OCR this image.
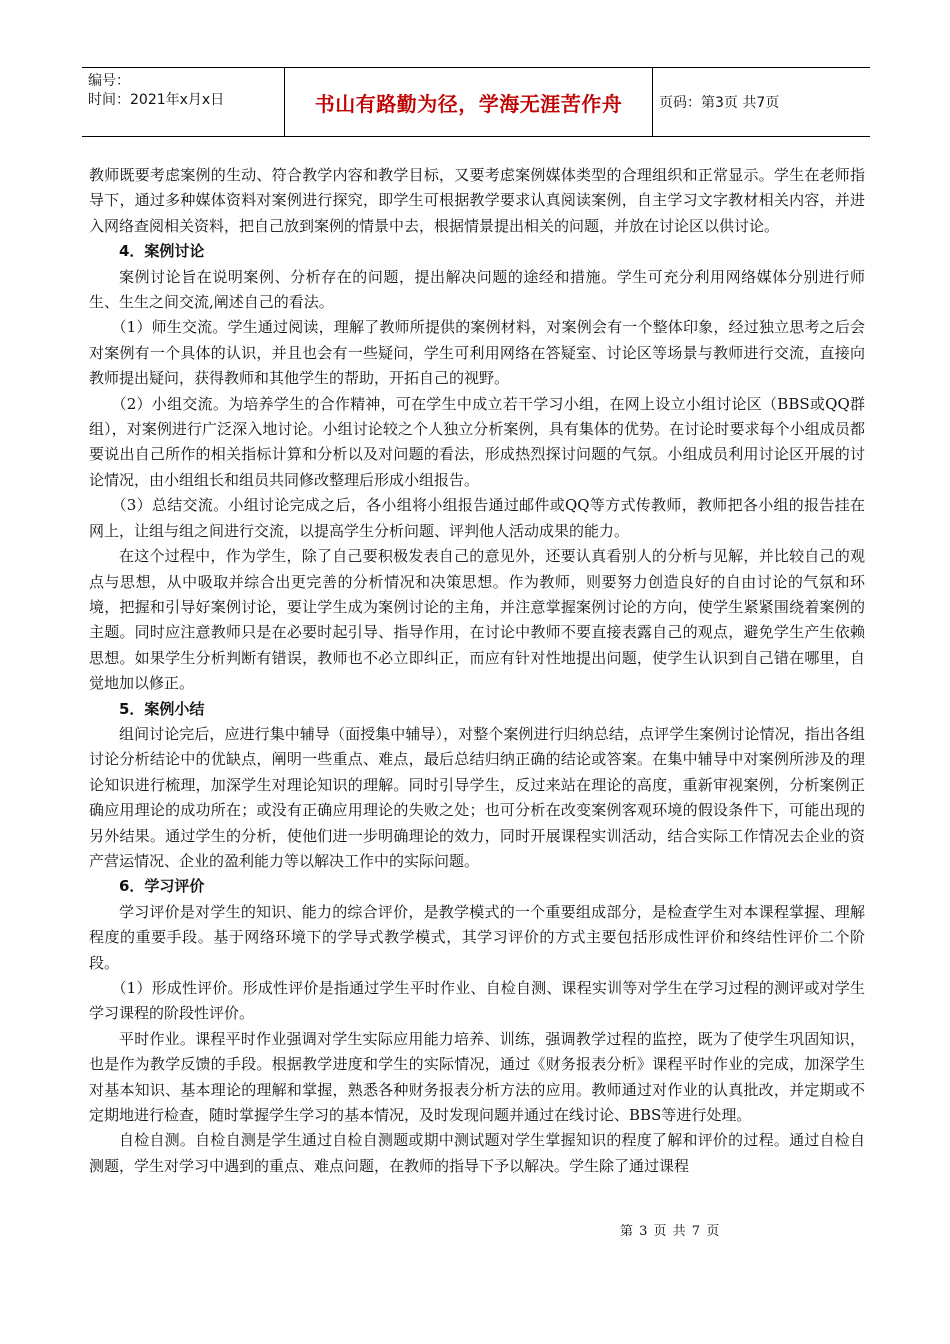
编号：
时间：2021年x月x日	书山有路勤为径，学海无涯苦作舟	页码：第3页 共7页

教师既要考虑案例的生动、符合教学内容和教学目标，又要考虑案例媒体类型的合理组织和正常显示。学生在老师指导下，通过多种媒体资料对案例进行探究，即学生可根据教学要求认真阅读案例，自主学习文字教材相关内容，并进入网络查阅相关资料，把自己放到案例的情景中去，根据情景提出相关的问题，并放在讨论区以供讨论。

4．案例讨论

案例讨论旨在说明案例、分析存在的问题，提出解决问题的途经和措施。学生可充分利用网络媒体分别进行师生、生生之间交流,阐述自己的看法。

（1）师生交流。学生通过阅读，理解了教师所提供的案例材料，对案例会有一个整体印象，经过独立思考之后会对案例有一个具体的认识，并且也会有一些疑问，学生可利用网络在答疑室、讨论区等场景与教师进行交流，直接向教师提出疑问，获得教师和其他学生的帮助，开拓自己的视野。

（2）小组交流。为培养学生的合作精神，可在学生中成立若干学习小组，在网上设立小组讨论区（BBS或QQ群组），对案例进行广泛深入地讨论。小组讨论较之个人独立分析案例，具有集体的优势。在讨论时要求每个小组成员都要说出自己所作的相关指标计算和分析以及对问题的看法，形成热烈探讨问题的气氛。小组成员利用讨论区开展的讨论情况，由小组组长和组员共同修改整理后形成小组报告。

（3）总结交流。小组讨论完成之后，各小组将小组报告通过邮件或QQ等方式传教师，教师把各小组的报告挂在网上，让组与组之间进行交流，以提高学生分析问题、评判他人活动成果的能力。

在这个过程中，作为学生，除了自己要积极发表自己的意见外，还要认真看别人的分析与见解，并比较自己的观点与思想，从中吸取并综合出更完善的分析情况和决策思想。作为教师，则要努力创造良好的自由讨论的气氛和环境，把握和引导好案例讨论，要让学生成为案例讨论的主角，并注意掌握案例讨论的方向，使学生紧紧围绕着案例的主题。同时应注意教师只是在必要时起引导、指导作用，在讨论中教师不要直接表露自己的观点，避免学生产生依赖思想。如果学生分析判断有错误，教师也不必立即纠正，而应有针对性地提出问题，使学生认识到自己错在哪里，自觉地加以修正。

5．案例小结

组间讨论完后，应进行集中辅导（面授集中辅导），对整个案例进行归纳总结，点评学生案例讨论情况，指出各组讨论分析结论中的优缺点，阐明一些重点、难点，最后总结归纳正确的结论或答案。在集中辅导中对案例所涉及的理论知识进行梳理，加深学生对理论知识的理解。同时引导学生，反过来站在理论的高度，重新审视案例，分析案例正确应用理论的成功所在；或没有正确应用理论的失败之处；也可分析在改变案例客观环境的假设条件下，可能出现的另外结果。通过学生的分析，使他们进一步明确理论的效力，同时开展课程实训活动，结合实际工作情况去企业的资产营运情况、企业的盈利能力等以解决工作中的实际问题。

6．学习评价

学习评价是对学生的知识、能力的综合评价，是教学模式的一个重要组成部分，是检查学生对本课程掌握、理解程度的重要手段。基于网络环境下的学导式教学模式，其学习评价的方式主要包括形成性评价和终结性评价二个阶段。

（1）形成性评价。形成性评价是指通过学生平时作业、自检自测、课程实训等对学生在学习过程的测评或对学生学习课程的阶段性评价。

平时作业。课程平时作业强调对学生实际应用能力培养、训练，强调教学过程的监控，既为了使学生巩固知识，也是作为教学反馈的手段。根据教学进度和学生的实际情况，通过《财务报表分析》课程平时作业的完成，加深学生对基本知识、基本理论的理解和掌握，熟悉各种财务报表分析方法的应用。教师通过对作业的认真批改，并定期或不定期地进行检查，随时掌握学生学习的基本情况，及时发现问题并通过在线讨论、BBS等进行处理。

自检自测。自检自测是学生通过自检自测题或期中测试题对学生掌握知识的程度了解和评价的过程。通过自检自测题，学生对学习中遇到的重点、难点问题，在教师的指导下予以解决。学生除了通过课程

第 3 页 共 7 页
